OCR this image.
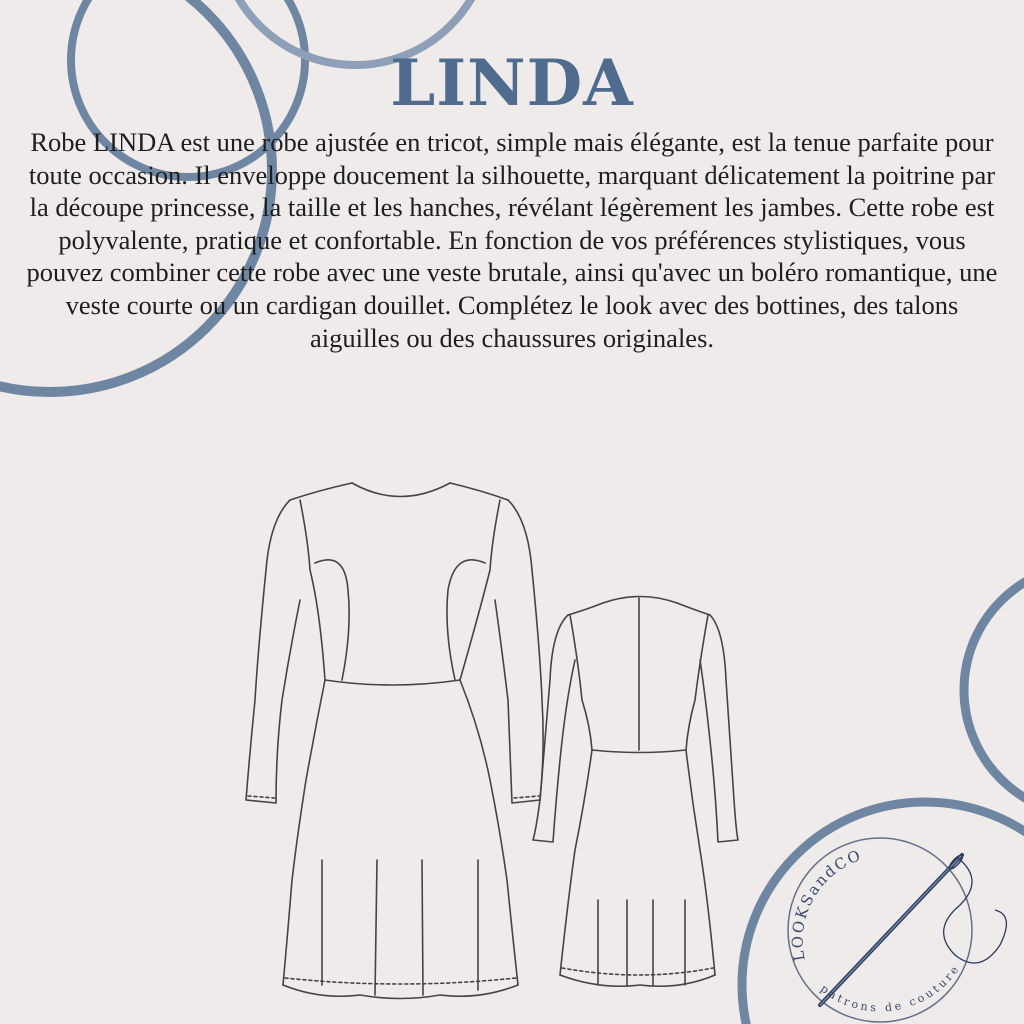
LINDA

Robe LINDA est une robe ajustée en tricot, simple mais élégante, est la tenue parfaite pour toute occasion. Il enveloppe doucement la silhouette, marquant délicatement la poitrine par la découpe princesse, la taille et les hanches, révélant légèrement les jambes. Cette robe est polyvalente, pratique et confortable. En fonction de vos préférences stylistiques, vous pouvez combiner cette robe avec une veste brutale, ainsi qu'avec un boléro romantique, une veste courte ou un cardigan douillet. Complétez le look avec des bottines, des talons aiguilles ou des chaussures originales.

LOOKSandCO
patrons de couture
